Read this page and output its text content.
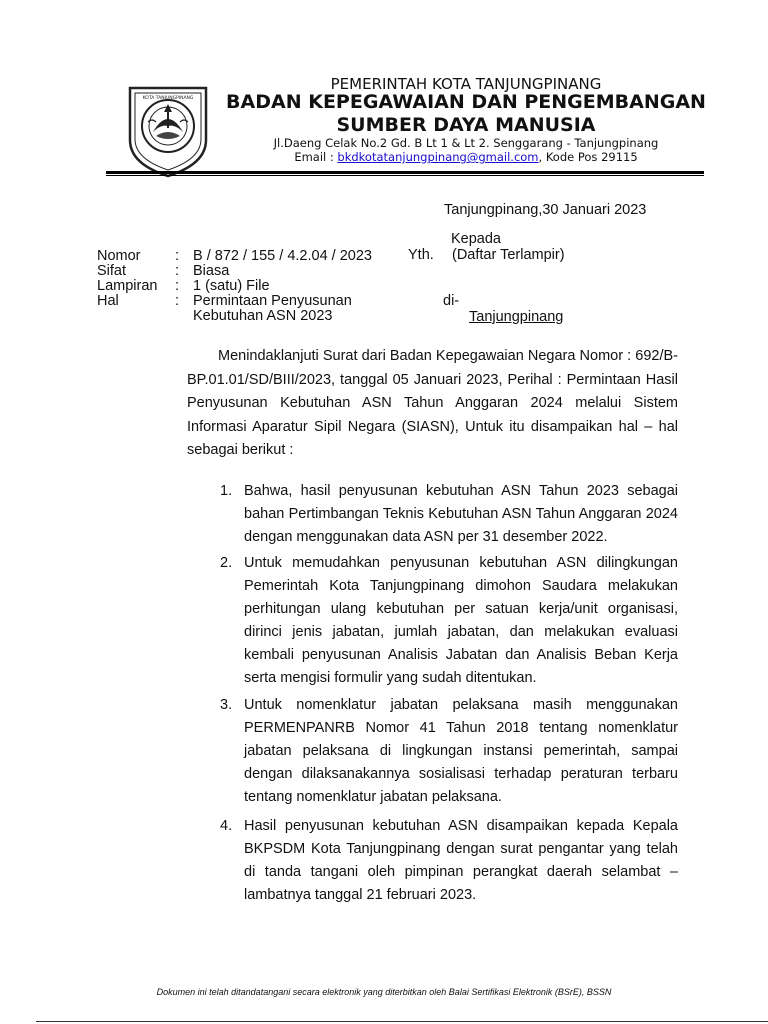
KOTA TANJUNGPINANG
PEMERINTAH KOTA TANJUNGPINANG
BADAN KEPEGAWAIAN DAN PENGEMBANGAN
SUMBER DAYA MANUSIA
Jl.Daeng Celak No.2 Gd. B Lt 1 & Lt 2. Senggarang - Tanjungpinang
Email : bkdkotatanjungpinang@gmail.com, Kode Pos 29115
Tanjungpinang,30 Januari 2023
Kepada
Yth. (Daftar Terlampir)
di-
Tanjungpinang
Nomor : B / 872 / 155 / 4.2.04 / 2023
Sifat	: Biasa
Lampiran : 1 (satu) File
Hal	: Permintaan Penyusunan
Kebutuhan ASN 2023

Menindaklanjuti Surat dari Badan Kepegawaian Negara Nomor : 692/B-BP.01.01/SD/BIII/2023, tanggal 05 Januari 2023, Perihal : Permintaan Hasil Penyusunan Kebutuhan ASN Tahun Anggaran 2024 melalui Sistem Informasi Aparatur Sipil Negara (SIASN), Untuk itu disampaikan hal – hal sebagai berikut :

1. Bahwa, hasil penyusunan kebutuhan ASN Tahun 2023 sebagai bahan Pertimbangan Teknis Kebutuhan ASN Tahun Anggaran 2024 dengan menggunakan data ASN per 31 desember 2022.
2. Untuk memudahkan penyusunan kebutuhan ASN dilingkungan Pemerintah Kota Tanjungpinang dimohon Saudara melakukan perhitungan ulang kebutuhan per satuan kerja/unit organisasi, dirinci jenis jabatan, jumlah jabatan, dan melakukan evaluasi kembali penyusunan Analisis Jabatan dan Analisis Beban Kerja serta mengisi formulir yang sudah ditentukan.
3. Untuk nomenklatur jabatan pelaksana masih menggunakan PERMENPANRB Nomor 41 Tahun 2018 tentang nomenklatur jabatan pelaksana di lingkungan instansi pemerintah, sampai dengan dilaksanakannya sosialisasi terhadap peraturan terbaru tentang nomenklatur jabatan pelaksana.
4. Hasil penyusunan kebutuhan ASN disampaikan kepada Kepala BKPSDM Kota Tanjungpinang dengan surat pengantar yang telah di tanda tangani oleh pimpinan perangkat daerah selambat – lambatnya tanggal 21 februari 2023.
Dokumen ini telah ditandatangani secara elektronik yang diterbitkan oleh Balai Sertifikasi Elektronik (BSrE), BSSN
